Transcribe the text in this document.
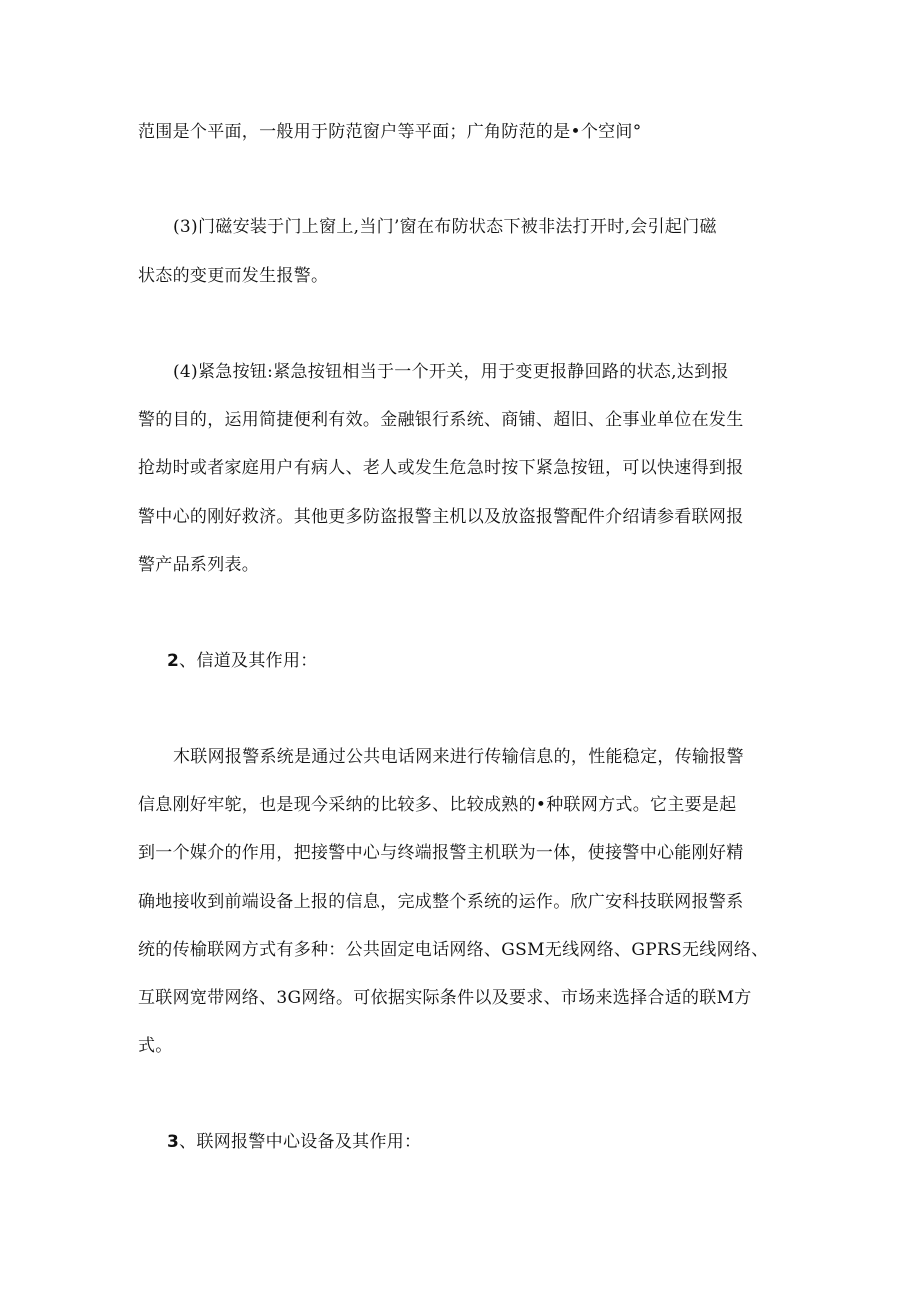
范围是个平面，一般用于防范窗户等平面；广角防范的是•个空间°
(3)门磁安装于门上窗上,当门’窗在布防状态下被非法打开时,会引起门磁
状态的变更而发生报警。
(4)紧急按钮:紧急按钮相当于一个开关，用于变更报静回路的状态,达到报
警的目的，运用简捷便利有效。金融银行系统、商铺、超旧、企事业单位在发生
抢劫时或者家庭用户有病人、老人或发生危急时按下紧急按钮，可以快速得到报
警中心的刚好救济。其他更多防盗报警主机以及放盗报警配件介绍请参看联网报
警产品系列表。
2、信道及其作用：
木联网报警系统是通过公共电话网来进行传输信息的，性能稳定，传输报警
信息刚好牢鸵，也是现今采纳的比较多、比较成熟的•种联网方式。它主要是起
到一个媒介的作用，把接警中心与终端报警主机联为一体，使接警中心能刚好精
确地接收到前端设备上报的信息，完成整个系统的运作。欣广安科技联网报警系
统的传榆联网方式有多种：公共固定电话网络、GSM无线网络、GPRS无线网络、
互联网宽带网络、3G网络。可依据实际条件以及要求、市场来选择合适的联M方
式。
3、联网报警中心设备及其作用：
